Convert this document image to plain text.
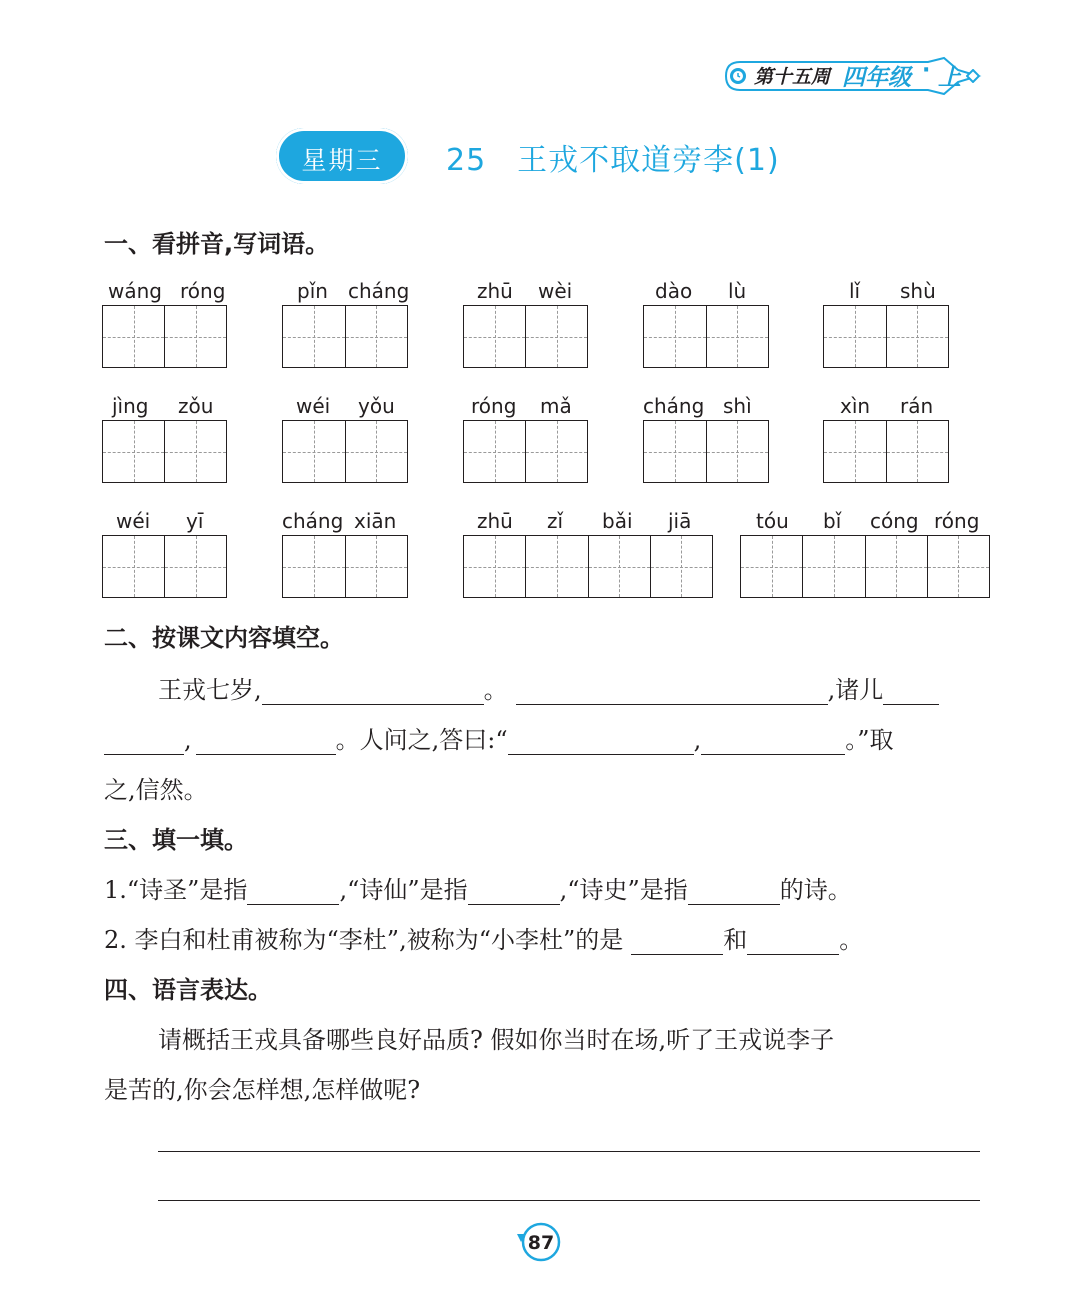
第十五周 四年级 · 上
星期三	25　王戎不取道旁李(1)
一、看拼音,写词语。
wáng róng	pǐn cháng	zhū wèi	dào lù	lǐ shù
jìng zǒu	wéi yǒu	róng mǎ	cháng shì	xìn rán
wéi yī	cháng xiān	zhū zǐ bǎi jiā	tóu bǐ cóng róng
二、按课文内容填空。
王戎七岁,	。	,诸儿
,	。人问之,答曰:“	,	。”取
之,信然。
三、填一填。
1.“诗圣”是指	,“诗仙”是指	,“诗史”是指	的诗。
2. 李白和杜甫被称为“李杜”,被称为“小李杜”的是	和	。
四、语言表达。
请概括王戎具备哪些良好品质? 假如你当时在场,听了王戎说李子
是苦的,你会怎样想,怎样做呢?
87
